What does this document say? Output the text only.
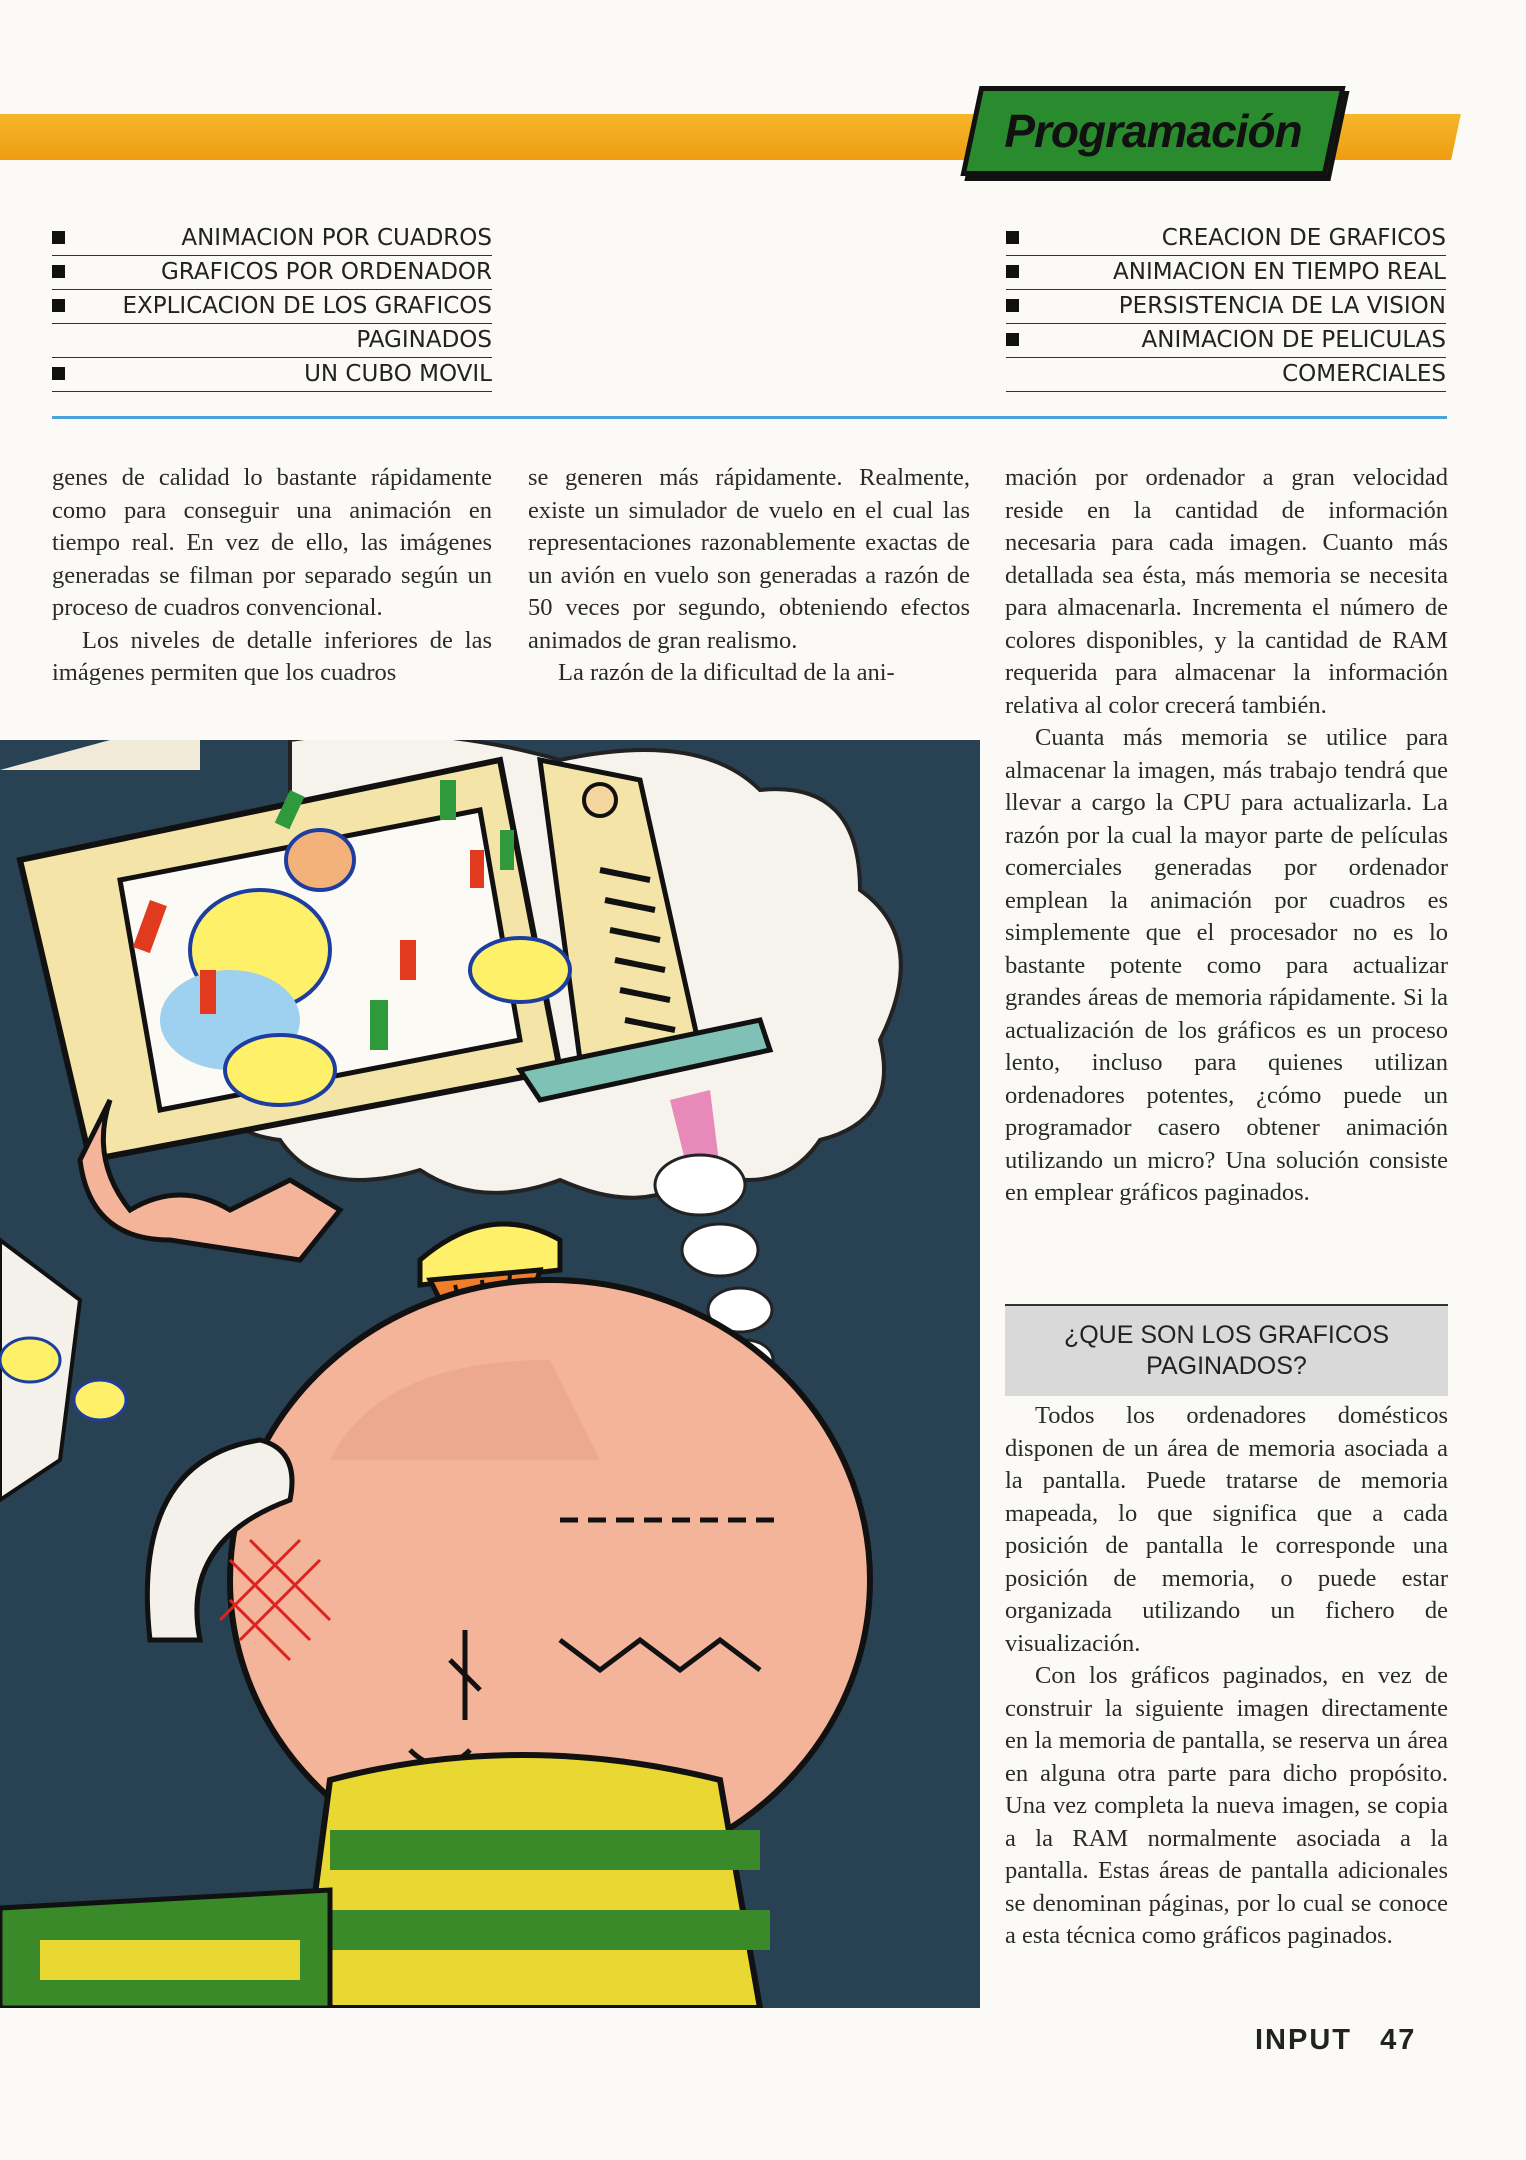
Programación
ANIMACION POR CUADROS
GRAFICOS POR ORDENADOR
EXPLICACION DE LOS GRAFICOS
PAGINADOS
UN CUBO MOVIL
CREACION DE GRAFICOS
ANIMACION EN TIEMPO REAL
PERSISTENCIA DE LA VISION
ANIMACION DE PELICULAS
COMERCIALES

genes de calidad lo bastante rápidamente como para conseguir una animación en tiempo real. En vez de ello, las imágenes generadas se filman por separado según un proceso de cuadros convencional.

Los niveles de detalle inferiores de las imágenes permiten que los cuadros

se generen más rápidamente. Realmente, existe un simulador de vuelo en el cual las representaciones razonablemente exactas de un avión en vuelo son generadas a razón de 50 veces por segundo, obteniendo efectos animados de gran realismo.

La razón de la dificultad de la ani-

mación por ordenador a gran velocidad reside en la cantidad de información necesaria para cada imagen. Cuanto más detallada sea ésta, más memoria se necesita para almacenarla. Incrementa el número de colores disponibles, y la cantidad de RAM requerida para almacenar la información relativa al color crecerá también.

Cuanta más memoria se utilice para almacenar la imagen, más trabajo tendrá que llevar a cargo la CPU para actualizarla. La razón por la cual la mayor parte de películas comerciales generadas por ordenador emplean la animación por cuadros es simplemente que el procesador no es lo bastante potente como para actualizar grandes áreas de memoria rápidamente. Si la actualización de los gráficos es un proceso lento, incluso para quienes utilizan ordenadores potentes, ¿cómo puede un programador casero obtener animación utilizando un micro? Una solución consiste en emplear gráficos paginados.

¿QUE SON LOS GRAFICOS
PAGINADOS?

Todos los ordenadores domésticos disponen de un área de memoria asociada a la pantalla. Puede tratarse de memoria mapeada, lo que significa que a cada posición de pantalla le corresponde una posición de memoria, o puede estar organizada utilizando un fichero de visualización.

Con los gráficos paginados, en vez de construir la siguiente imagen directamente en la memoria de pantalla, se reserva un área en alguna otra parte para dicho propósito. Una vez completa la nueva imagen, se copia a la RAM normalmente asociada a la pantalla. Estas áreas de pantalla adicionales se denominan páginas, por lo cual se conoce a esta técnica como gráficos paginados.

INPUT 47
